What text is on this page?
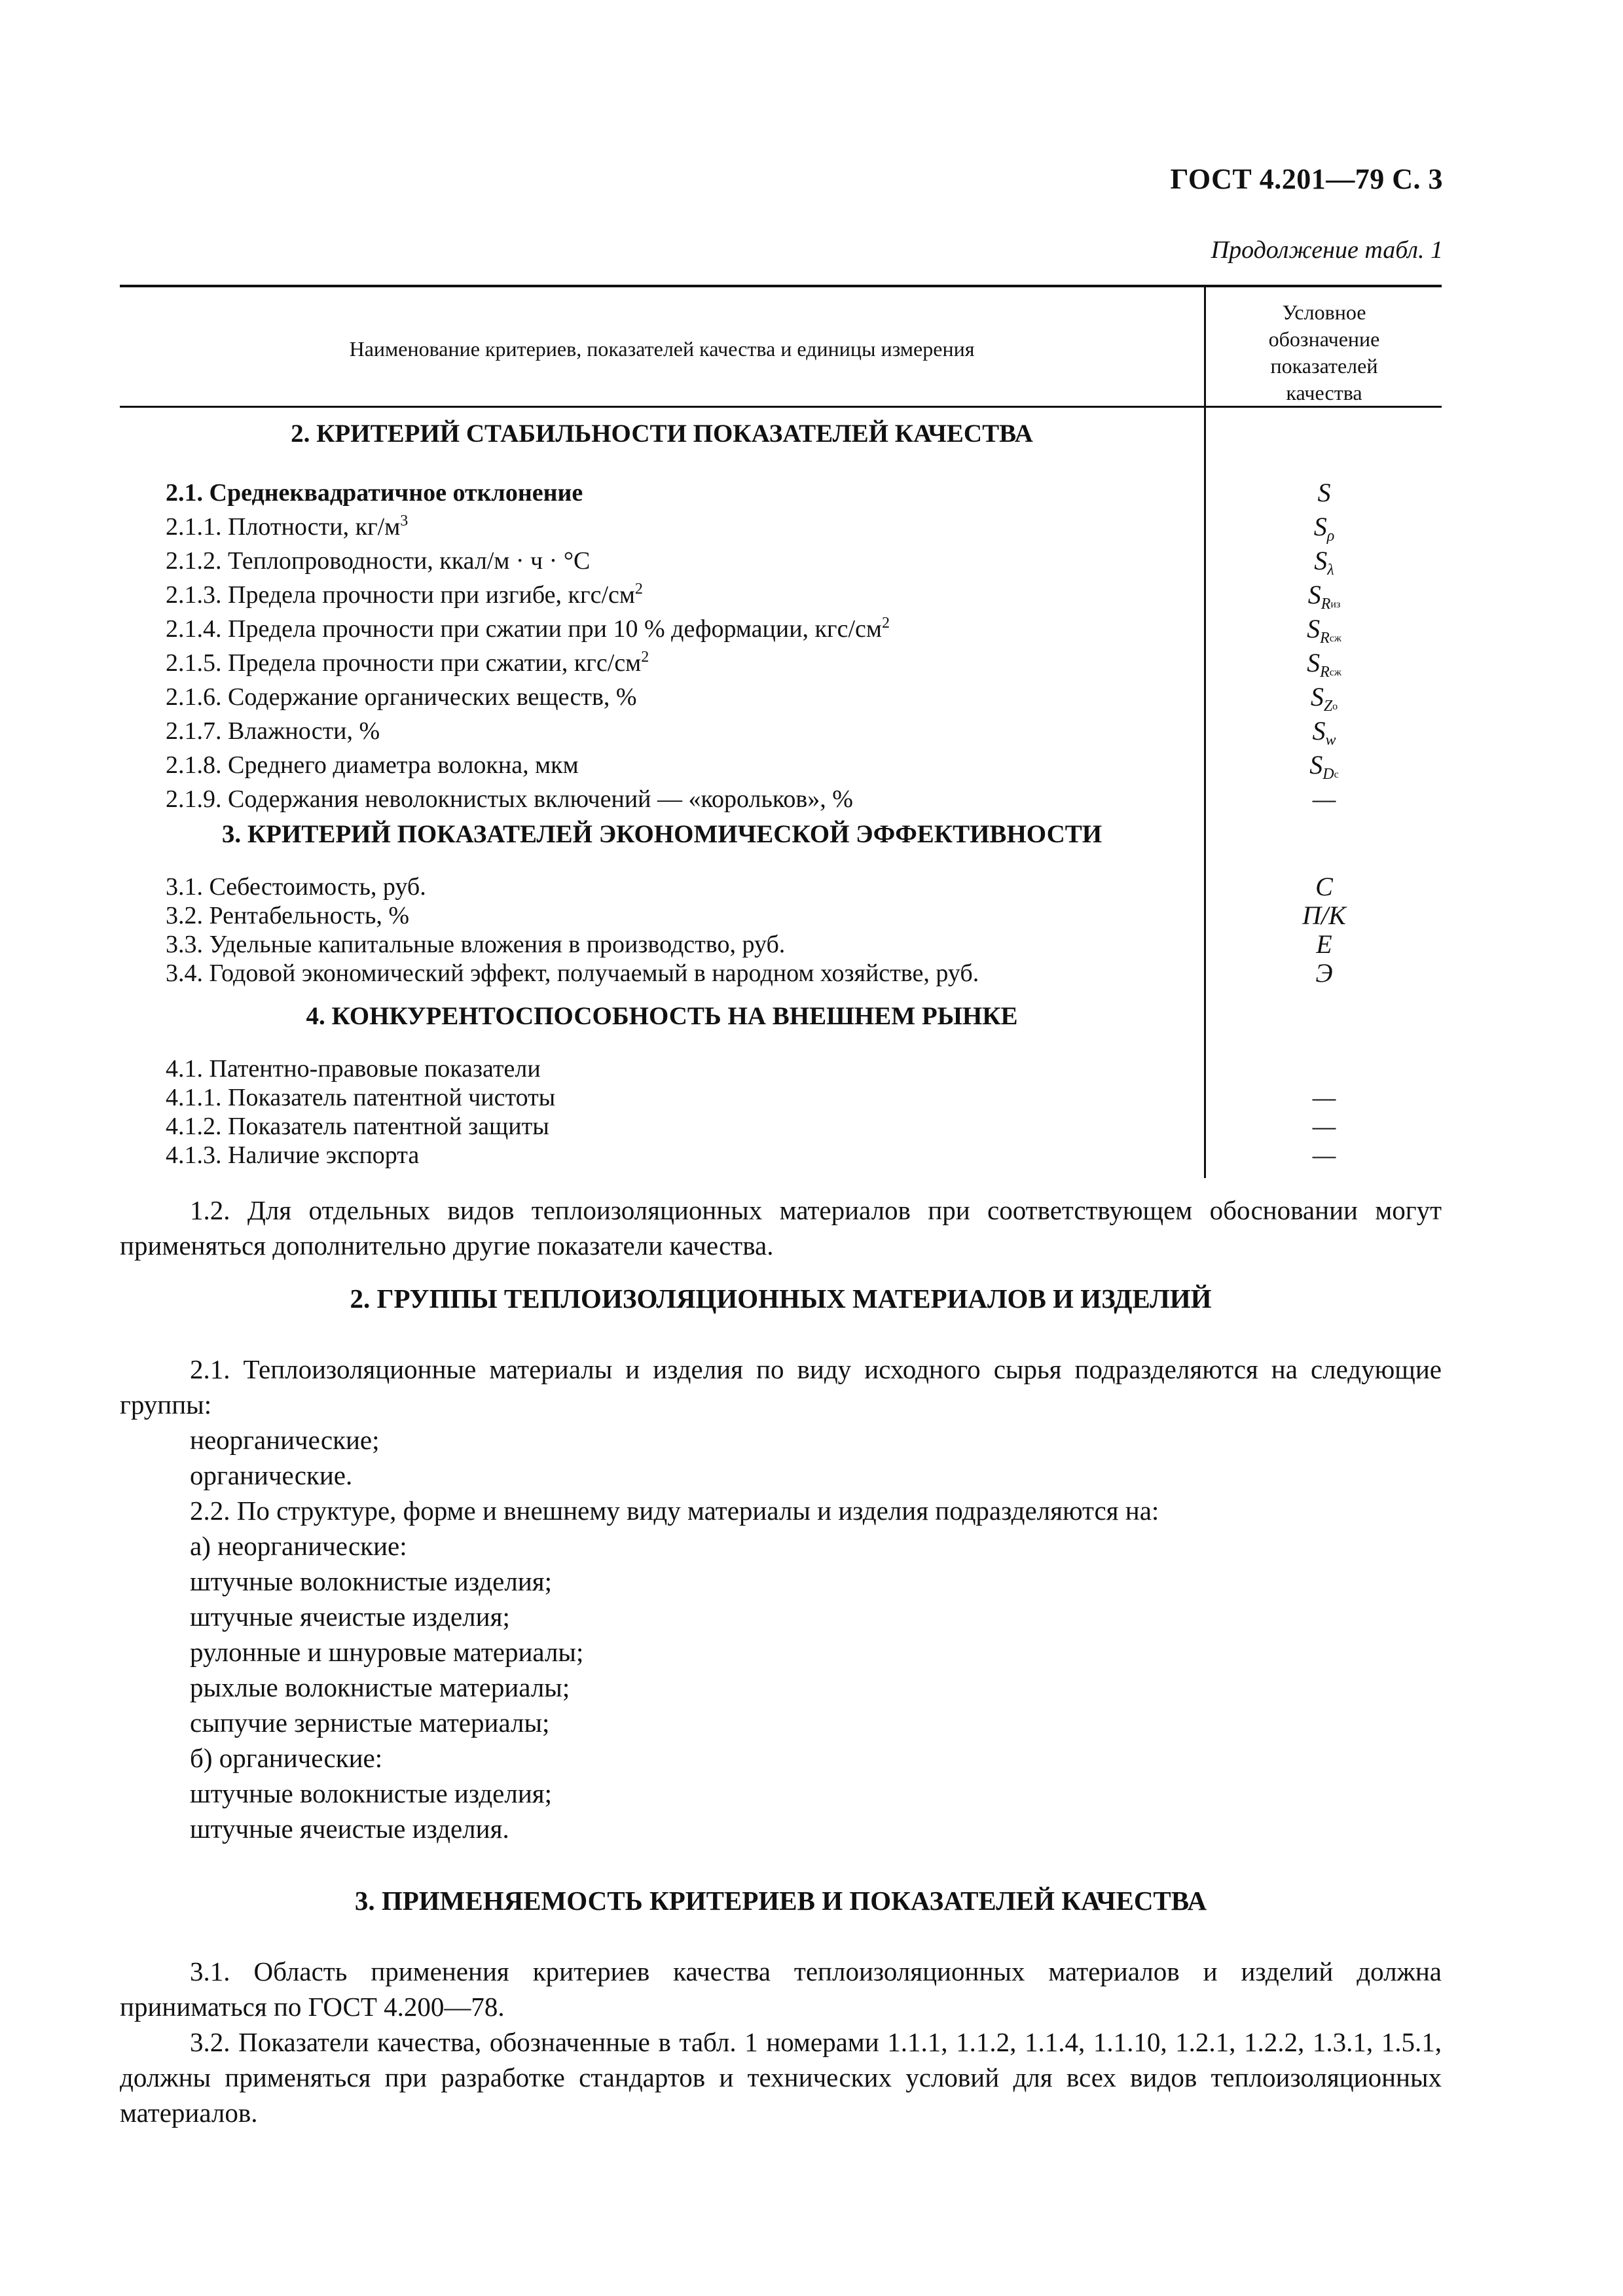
ГОСТ 4.201—79 С. 3
Продолжение табл. 1
Наименование критериев, показателей качества и единицы измерения
Условное
обозначение
показателей
качества
2. КРИТЕРИЙ СТАБИЛЬНОСТИ ПОКАЗАТЕЛЕЙ КАЧЕСТВА
2.1. Среднеквадратичное отклонение	S
2.1.1. Плотности, $кг/м^3$	$S_\rho$
2.1.2. Теплопроводности, ккал/м · ч · °С	$S_\lambda$
2.1.3. Предела прочности при изгибе, кгс/$см^2$	$S_Rиз$
2.1.4. Предела прочности при сжатии при 10 % деформации, кгс/$см^2$	$S_Rсж$
2.1.5. Предела прочности при сжатии, кгс/$см^2$	$S_Rсж$
2.1.6. Содержание органических веществ, %	$S_Zо$
2.1.7. Влажности, %	$S_w$
2.1.8. Среднего диаметра волокна, мкм	$S_Dc$
2.1.9. Содержания неволокнистых включений — «корольков», %	—
3. КРИТЕРИЙ ПОКАЗАТЕЛЕЙ ЭКОНОМИЧЕСКОЙ ЭФФЕКТИВНОСТИ
3.1. Себестоимость, руб.	С
3.2. Рентабельность, %	П/K
3.3. Удельные капитальные вложения в производство, руб.	Е
3.4. Годовой экономический эффект, получаемый в народном хозяйстве, руб.	Э
4. КОНКУРЕНТОСПОСОБНОСТЬ НА ВНЕШНЕМ РЫНКЕ
4.1. Патентно-правовые показатели
4.1.1. Показатель патентной чистоты	—
4.1.2. Показатель патентной защиты	—
4.1.3. Наличие экспорта	—
1.2. Для отдельных видов теплоизоляционных материалов при соответствующем обосновании могут применяться дополнительно другие показатели качества.
2. ГРУППЫ ТЕПЛОИЗОЛЯЦИОННЫХ МАТЕРИАЛОВ И ИЗДЕЛИЙ
2.1. Теплоизоляционные материалы и изделия по виду исходного сырья подразделяются на следующие группы:
неорганические;
органические.
2.2. По структуре, форме и внешнему виду материалы и изделия подразделяются на:
а) неорганические:
штучные волокнистые изделия;
штучные ячеистые изделия;
рулонные и шнуровые материалы;
рыхлые волокнистые материалы;
сыпучие зернистые материалы;
б) органические:
штучные волокнистые изделия;
штучные ячеистые изделия.
3. ПРИМЕНЯЕМОСТЬ КРИТЕРИЕВ И ПОКАЗАТЕЛЕЙ КАЧЕСТВА
3.1. Область применения критериев качества теплоизоляционных материалов и изделий должна приниматься по ГОСТ 4.200—78.
3.2. Показатели качества, обозначенные в табл. 1 номерами 1.1.1, 1.1.2, 1.1.4, 1.1.10, 1.2.1, 1.2.2, 1.3.1, 1.5.1, должны применяться при разработке стандартов и технических условий для всех видов теплоизоляционных материалов.
